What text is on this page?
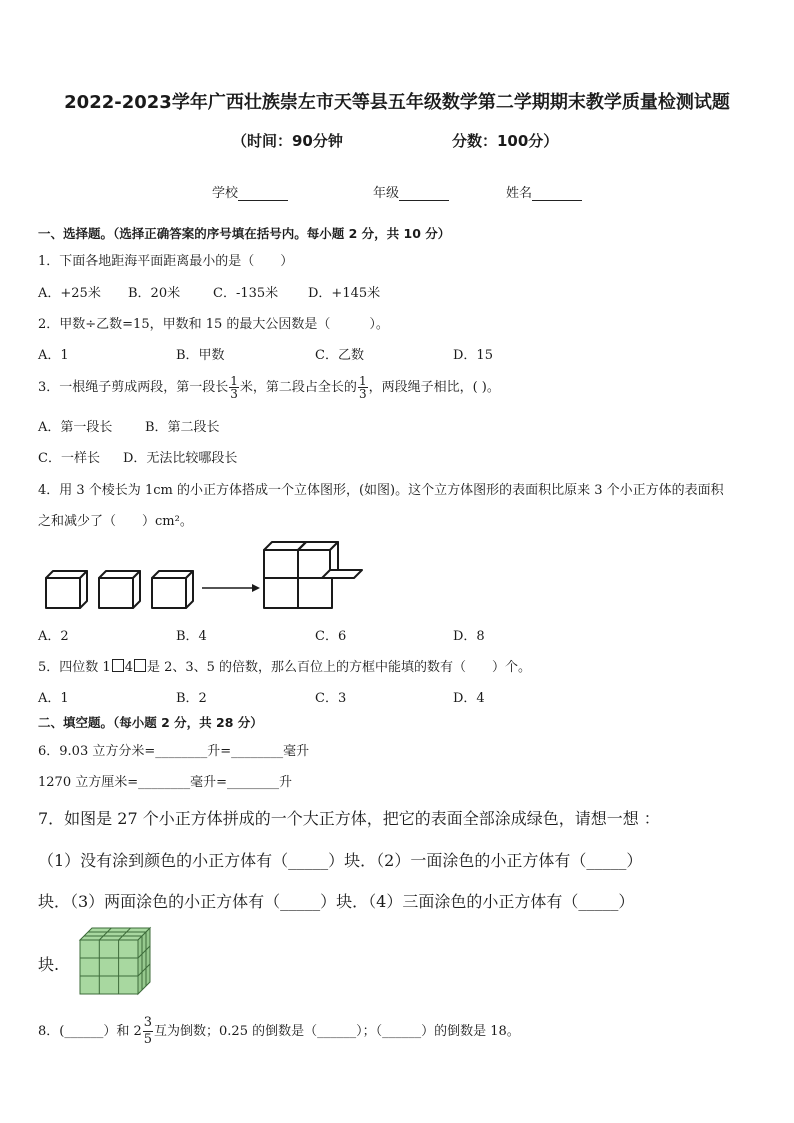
2022-2023学年广西壮族崇左市天等县五年级数学第二学期期末教学质量检测试题
（时间：90分钟	分数：100分）
学校	年级	姓名
一、选择题。（选择正确答案的序号填在括号内。每小题 2 分，共 10 分）
1．下面各地距海平面距离最小的是（　　）
A．+25米 B．20米	C．-135米 D．+145米
2．甲数÷乙数=15，甲数和 15 的最大公因数是（　　　）。
A．1	B．甲数	C．乙数	D．15
3．一根绳子剪成两段，第一段长 $\frac{1}{3}$ 米，第二段占全长的 $\frac{1}{3}$ ，两段绳子相比，( )。
A．第一段长	B．第二段长
C．一样长 D．无法比较哪段长
4．用 3 个棱长为 1cm 的小正方体搭成一个立体图形，(如图)。这个立方体图形的表面积比原来 3 个小正方体的表面积
之和减少了（　　）cm²。
A．2	B．4	C．6	D．8
5．四位数 1 4 是 2、3、5 的倍数，那么百位上的方框中能填的数有（　　）个。
A．1	B．2	C．3	D．4
二、填空题。（每小题 2 分，共 28 分）
6．9.03 立方分米=________升=________毫升
1270 立方厘米=________毫升=________升
7．如图是 27 个小正方体拼成的一个大正方体，把它的表面全部涂成绿色，请想一想 ：
（1）没有涂到颜色的小正方体有（_____）块．（2）一面涂色的小正方体有（_____）
块．（3）两面涂色的小正方体有（_____）块．（4）三面涂色的小正方体有（_____）
块.
8．(______）和 $2 \frac{3}{5}$ 互为倒数；0.25 的倒数是（______）；（______）的倒数是 18。
